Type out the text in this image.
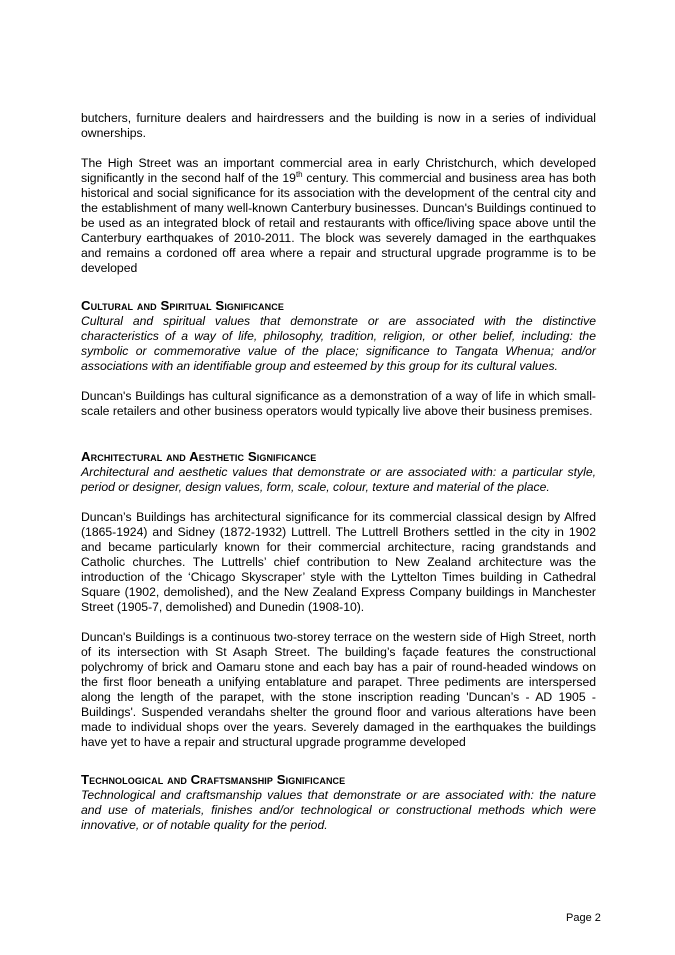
butchers, furniture dealers and hairdressers and the building is now in a series of individual ownerships.

The High Street was an important commercial area in early Christchurch, which developed significantly in the second half of the 19th century. This commercial and business area has both historical and social significance for its association with the development of the central city and the establishment of many well-known Canterbury businesses. Duncan's Buildings continued to be used as an integrated block of retail and restaurants with office/living space above until the Canterbury earthquakes of 2010-2011. The block was severely damaged in the earthquakes and remains a cordoned off area where a repair and structural upgrade programme is to be developed

Cultural and Spiritual Significance

Cultural and spiritual values that demonstrate or are associated with the distinctive characteristics of a way of life, philosophy, tradition, religion, or other belief, including: the symbolic or commemorative value of the place; significance to Tangata Whenua; and/or associations with an identifiable group and esteemed by this group for its cultural values.

Duncan's Buildings has cultural significance as a demonstration of a way of life in which small-scale retailers and other business operators would typically live above their business premises.

Architectural and Aesthetic Significance

Architectural and aesthetic values that demonstrate or are associated with: a particular style, period or designer, design values, form, scale, colour, texture and material of the place.

Duncan’s Buildings has architectural significance for its commercial classical design by Alfred (1865-1924) and Sidney (1872-1932) Luttrell. The Luttrell Brothers settled in the city in 1902 and became particularly known for their commercial architecture, racing grandstands and Catholic churches. The Luttrells’ chief contribution to New Zealand architecture was the introduction of the ‘Chicago Skyscraper’ style with the Lyttelton Times building in Cathedral Square (1902, demolished), and the New Zealand Express Company buildings in Manchester Street (1905-7, demolished) and Dunedin (1908-10).

Duncan's Buildings is a continuous two-storey terrace on the western side of High Street, north of its intersection with St Asaph Street. The building’s façade features the constructional polychromy of brick and Oamaru stone and each bay has a pair of round-headed windows on the first floor beneath a unifying entablature and parapet. Three pediments are interspersed along the length of the parapet, with the stone inscription reading 'Duncan’s - AD 1905 - Buildings'. Suspended verandahs shelter the ground floor and various alterations have been made to individual shops over the years. Severely damaged in the earthquakes the buildings have yet to have a repair and structural upgrade programme developed

Technological and Craftsmanship Significance

Technological and craftsmanship values that demonstrate or are associated with: the nature and use of materials, finishes and/or technological or constructional methods which were innovative, or of notable quality for the period.

Page 2
